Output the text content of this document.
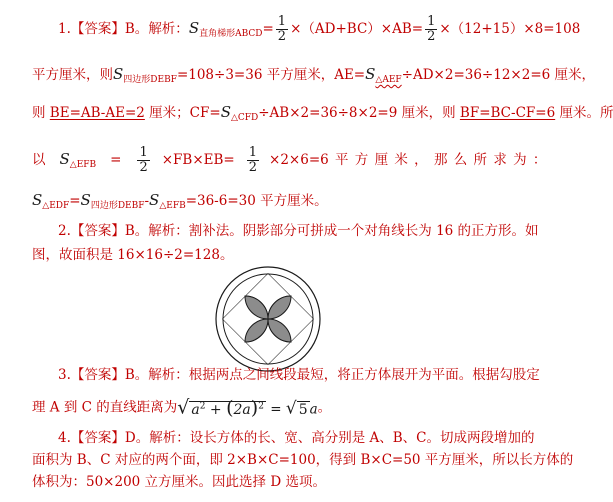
1.【答案】B。解析：$S_{直角梯形ABCD}= \frac{1}{2} \times(AD+BC)\times AB= \frac{1}{2} \times(12+15)\times 8=108$
平方厘米，则$S_{四边形DEBF}=108\div 3=36$ 平方厘米，$AE=S_{\triangle AEF}\div AD\times 2=36\div 12\times 2=6$ 厘米，
则 BE=AB-AE=2 厘米；$CF=S_{\triangle CFD}\div AB\times 2=36\div 8\times 2=9$ 厘米，则 BF=BC-CF=6 厘米。所
以 $S_{\triangle EFB} = \frac{1}{2} \times FB\times EB= \frac{1}{2} \times 2\times 6=6$ 平 方 厘 米 ， 那 么 所 求 为 ：
$S_{\triangle EDF}=S_{四边形DEBF}-S_{\triangle EFB}=36-6=30$ 平方厘米。
2.【答案】B。解析：割补法。阴影部分可拼成一个对角线长为 16 的正方形。如
图，故面积是 16×16÷2=128。
3.【答案】B。解析：根据两点之间线段最短，将正方体展开为平面。根据勾股定
理 A 到 C 的直线距离为√ $a^2 + (2a)^2$ = √ 5 a。
4.【答案】D。解析：设长方体的长、宽、高分别是 A、B、C。切成两段增加的
面积为 B、C 对应的两个面，即 2×B×C=100，得到 B×C=50 平方厘米，所以长方体的
体积为：50×200 立方厘米。因此选择 D 选项。
